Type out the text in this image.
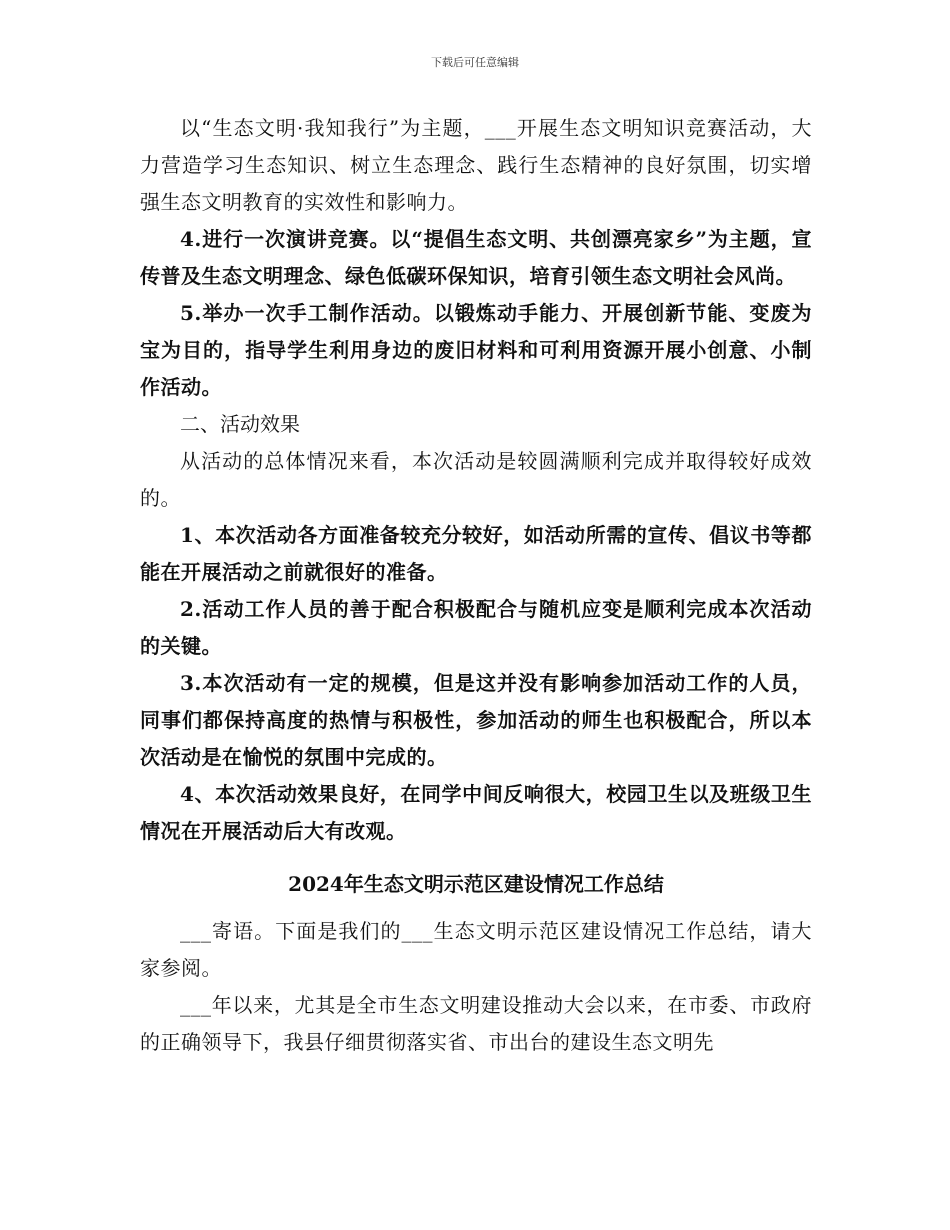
下载后可任意编辑

以“生态文明·我知我行”为主题，___开展生态文明知识竞赛活动，大力营造学习生态知识、树立生态理念、践行生态精神的良好氛围，切实增强生态文明教育的实效性和影响力。

4.进行一次演讲竞赛。以“提倡生态文明、共创漂亮家乡”为主题，宣传普及生态文明理念、绿色低碳环保知识，培育引领生态文明社会风尚。

5.举办一次手工制作活动。以锻炼动手能力、开展创新节能、变废为宝为目的，指导学生利用身边的废旧材料和可利用资源开展小创意、小制作活动。

二、活动效果

从活动的总体情况来看，本次活动是较圆满顺利完成并取得较好成效的。

1、本次活动各方面准备较充分较好，如活动所需的宣传、倡议书等都能在开展活动之前就很好的准备。

2.活动工作人员的善于配合积极配合与随机应变是顺利完成本次活动的关键。

3.本次活动有一定的规模，但是这并没有影响参加活动工作的人员，同事们都保持高度的热情与积极性，参加活动的师生也积极配合，所以本次活动是在愉悦的氛围中完成的。

4、本次活动效果良好，在同学中间反响很大，校园卫生以及班级卫生情况在开展活动后大有改观。

2024年生态文明示范区建设情况工作总结

___寄语。下面是我们的___生态文明示范区建设情况工作总结，请大家参阅。

___年以来，尤其是全市生态文明建设推动大会以来，在市委、市政府的正确领导下，我县仔细贯彻落实省、市出台的建设生态文明先
